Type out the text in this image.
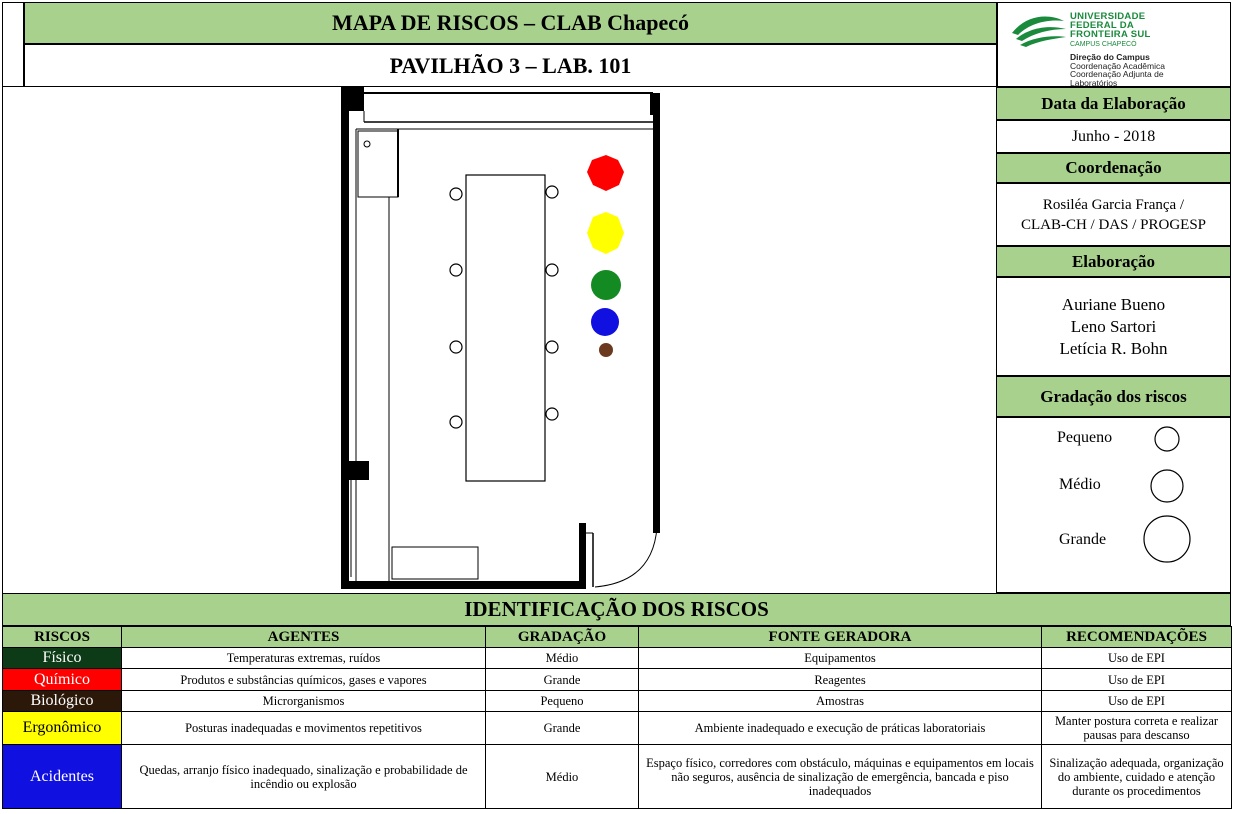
MAPA DE RISCOS – CLAB Chapecó
PAVILHÃO 3 – LAB. 101
UNIVERSIDADE
FEDERAL DA
FRONTEIRA SUL
CAMPUS CHAPECÓ
Direção do Campus
Coordenação Acadêmica
Coordenação Adjunta de
Laboratórios
Data da Elaboração
Junho - 2018
Coordenação
Rosiléa Garcia França /
CLAB-CH / DAS / PROGESP
Elaboração
Auriane Bueno
Leno Sartori
Letícia R. Bohn
Gradação dos riscos
Pequeno
Médio
Grande
IDENTIFICAÇÃO DOS RISCOS
RISCOS	AGENTES	GRADAÇÃO	FONTE GERADORA	RECOMENDAÇÕES
Físico	Temperaturas extremas, ruídos	Médio	Equipamentos	Uso de EPI
Químico	Produtos e substâncias químicos, gases e vapores	Grande	Reagentes	Uso de EPI
Biológico	Microrganismos	Pequeno	Amostras	Uso de EPI
Ergonômico	Posturas inadequadas e movimentos repetitivos	Grande	Ambiente inadequado e execução de práticas laboratoriais	Manter postura correta e realizar pausas para descanso
Acidentes	Quedas, arranjo físico inadequado, sinalização e probabilidade de incêndio ou explosão	Médio	Espaço físico, corredores com obstáculo, máquinas e equipamentos em locais não seguros, ausência de sinalização de emergência, bancada e piso inadequados	Sinalização adequada, organização do ambiente, cuidado e atenção durante os procedimentos
